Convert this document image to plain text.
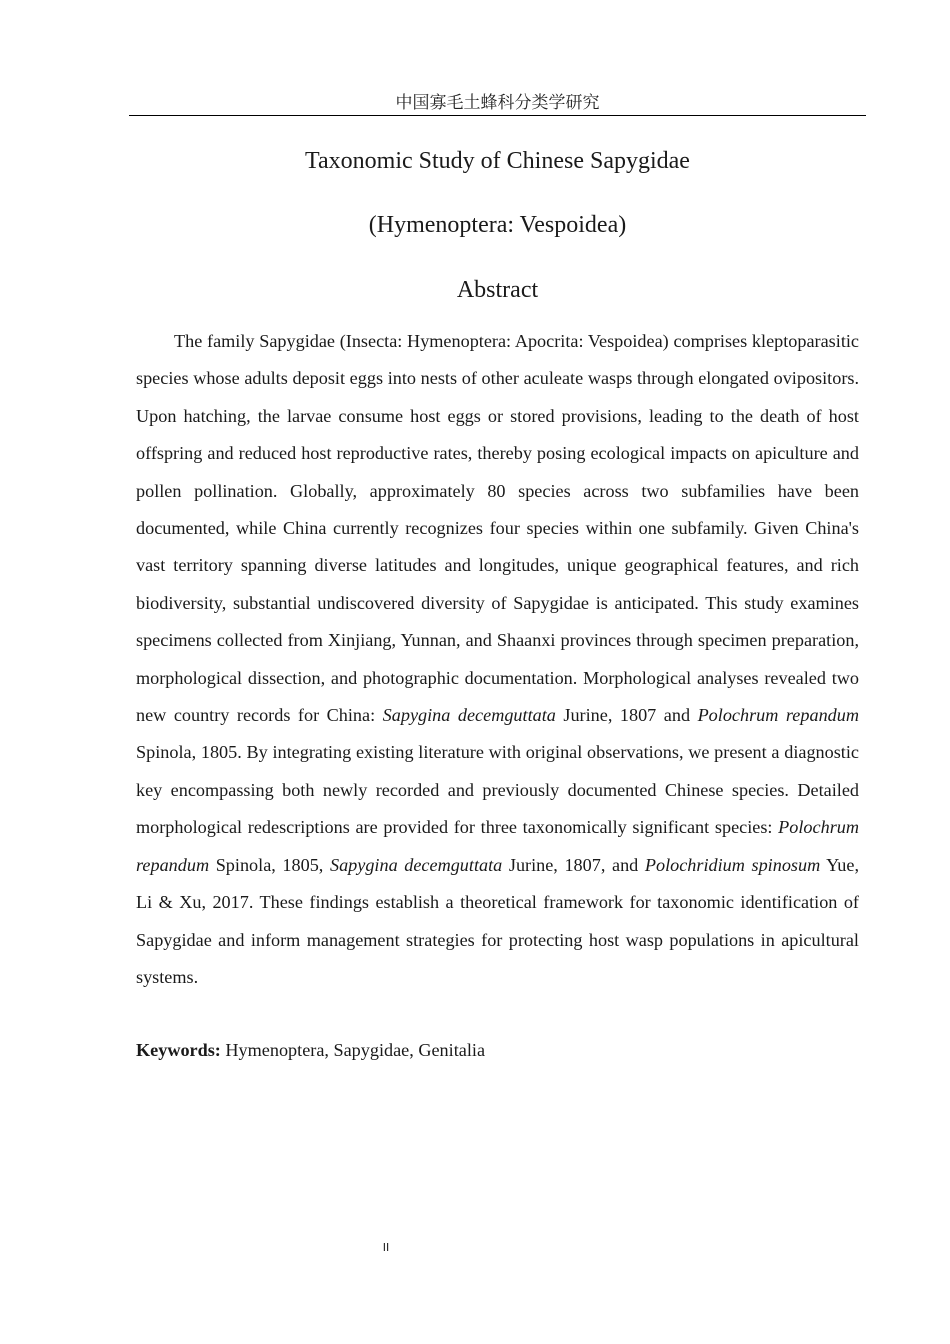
中国寡毛土蜂科分类学研究
Taxonomic Study of Chinese Sapygidae
(Hymenoptera: Vespoidea)
Abstract

The family Sapygidae (Insecta: Hymenoptera: Apocrita: Vespoidea) comprises kleptoparasitic species whose adults deposit eggs into nests of other aculeate wasps through elongated ovipositors. Upon hatching, the larvae consume host eggs or stored provisions, leading to the death of host offspring and reduced host reproductive rates, thereby posing ecological impacts on apiculture and pollen pollination. Globally, approximately 80 species across two subfamilies have been documented, while China currently recognizes four species within one subfamily. Given China's vast territory spanning diverse latitudes and longitudes, unique geographical features, and rich biodiversity, substantial undiscovered diversity of Sapygidae is anticipated. This study examines specimens collected from Xinjiang, Yunnan, and Shaanxi provinces through specimen preparation, morphological dissection, and photographic documentation. Morphological analyses revealed two new country records for China: Sapygina decemguttata Jurine, 1807 and Polochrum repandum Spinola, 1805. By integrating existing literature with original observations, we present a diagnostic key encompassing both newly recorded and previously documented Chinese species. Detailed morphological redescriptions are provided for three taxonomically significant species: Polochrum repandum Spinola, 1805, Sapygina decemguttata Jurine, 1807, and Polochridium spinosum Yue, Li & Xu, 2017. These findings establish a theoretical framework for taxonomic identification of Sapygidae and inform management strategies for protecting host wasp populations in apicultural systems.

Keywords: Hymenoptera, Sapygidae, Genitalia

II
